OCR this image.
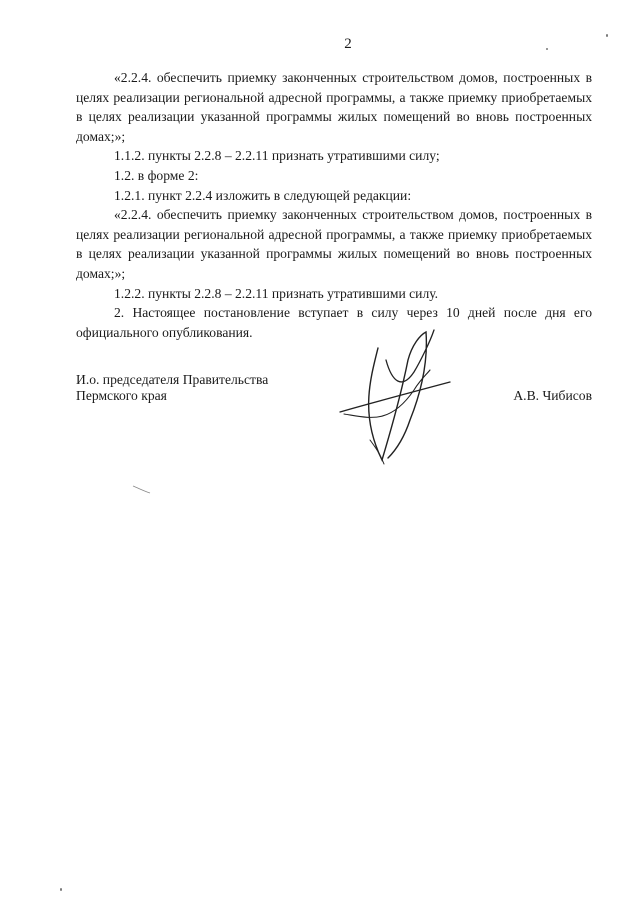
2

«2.2.4. обеспечить приемку законченных строительством домов, построенных в целях реализации региональной адресной программы, а также приемку приобретаемых в целях реализации указанной программы жилых помещений во вновь построенных домах;»;

1.1.2. пункты 2.2.8 – 2.2.11 признать утратившими силу;

1.2. в форме 2:

1.2.1. пункт 2.2.4 изложить в следующей редакции:

«2.2.4. обеспечить приемку законченных строительством домов, построенных в целях реализации региональной адресной программы, а также приемку приобретаемых в целях реализации указанной программы жилых помещений во вновь построенных домах;»;

1.2.2. пункты 2.2.8 – 2.2.11 признать утратившими силу.

2. Настоящее постановление вступает в силу через 10 дней после дня его официального опубликования.

И.о. председателя Правительства
Пермского края	А.В. Чибисов
